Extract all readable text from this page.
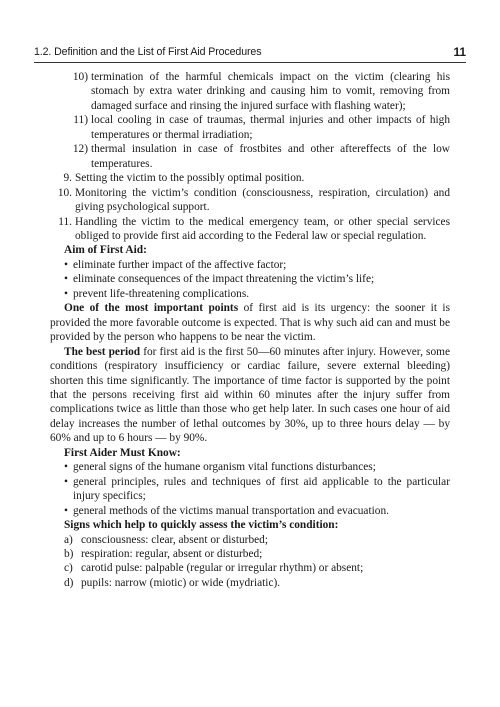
1.2. Definition and the List of First Aid Procedures	11

10) termination of the harmful chemicals impact on the victim (clearing his stomach by extra water drinking and causing him to vomit, removing from damaged surface and rinsing the injured surface with flashing water);

11) local cooling in case of traumas, thermal injuries and other impacts of high temperatures or thermal irradiation;

12) thermal insulation in case of frostbites and other aftereffects of the low temperatures.

9. Setting the victim to the possibly optimal position.

10. Monitoring the victim’s condition (consciousness, respiration, circulation) and giving psychological support.

11. Handling the victim to the medical emergency team, or other special services obliged to provide first aid according to the Federal law or special regulation.

Aim of First Aid:

• eliminate further impact of the affective factor;

• eliminate consequences of the impact threatening the victim’s life;

• prevent life-threatening complications.

One of the most important points of first aid is its urgency: the sooner it is provided the more favorable outcome is expected. That is why such aid can and must be provided by the person who happens to be near the victim.

The best period for first aid is the first 50—60 minutes after injury. However, some conditions (respiratory insufficiency or cardiac failure, severe external bleeding) shorten this time significantly. The importance of time factor is supported by the point that the persons receiving first aid within 60 minutes after the injury suffer from complications twice as little than those who get help later. In such cases one hour of aid delay increases the number of lethal outcomes by 30%, up to three hours delay — by 60% and up to 6 hours — by 90%.

First Aider Must Know:

• general signs of the humane organism vital functions disturbances;

• general principles, rules and techniques of first aid applicable to the particular injury specifics;

• general methods of the victims manual transportation and evacuation.

Signs which help to quickly assess the victim’s condition:

a) consciousness: clear, absent or disturbed;

b) respiration: regular, absent or disturbed;

c) carotid pulse: palpable (regular or irregular rhythm) or absent;

d) pupils: narrow (miotic) or wide (mydriatic).
